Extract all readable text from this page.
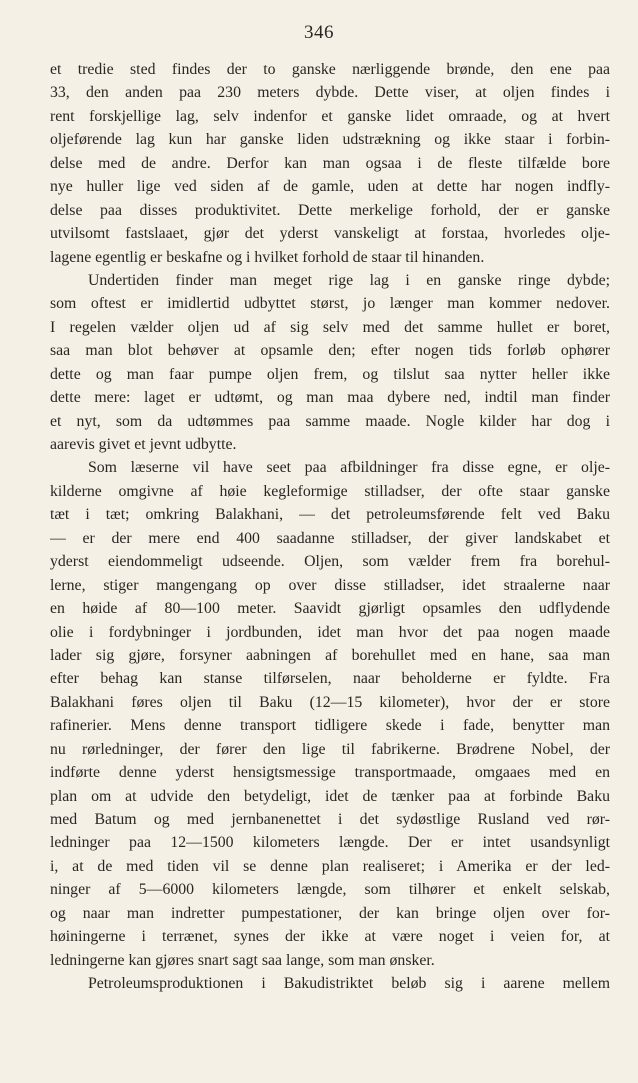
346
et tredie sted findes der to ganske nærliggende brønde, den ene paa
33, den anden paa 230 meters dybde. Dette viser, at oljen findes i
rent forskjellige lag, selv indenfor et ganske lidet omraade, og at hvert
oljeførende lag kun har ganske liden udstrækning og ikke staar i forbin-
delse med de andre. Derfor kan man ogsaa i de fleste tilfælde bore
nye huller lige ved siden af de gamle, uden at dette har nogen indfly-
delse paa disses produktivitet. Dette merkelige forhold, der er ganske
utvilsomt fastslaaet, gjør det yderst vanskeligt at forstaa, hvorledes olje-
lagene egentlig er beskafne og i hvilket forhold de staar til hinanden.
Undertiden finder man meget rige lag i en ganske ringe dybde;
som oftest er imidlertid udbyttet størst, jo længer man kommer nedover.
I regelen vælder oljen ud af sig selv med det samme hullet er boret,
saa man blot behøver at opsamle den; efter nogen tids forløb ophører
dette og man faar pumpe oljen frem, og tilslut saa nytter heller ikke
dette mere: laget er udtømt, og man maa dybere ned, indtil man finder
et nyt, som da udtømmes paa samme maade. Nogle kilder har dog i
aarevis givet et jevnt udbytte.
Som læserne vil have seet paa afbildninger fra disse egne, er olje-
kilderne omgivne af høie kegleformige stilladser, der ofte staar ganske
tæt i tæt; omkring Balakhani, — det petroleumsførende felt ved Baku
— er der mere end 400 saadanne stilladser, der giver landskabet et
yderst eiendommeligt udseende. Oljen, som vælder frem fra borehul-
lerne, stiger mangengang op over disse stilladser, idet straalerne naar
en høide af 80—100 meter. Saavidt gjørligt opsamles den udflydende
olie i fordybninger i jordbunden, idet man hvor det paa nogen maade
lader sig gjøre, forsyner aabningen af borehullet med en hane, saa man
efter behag kan stanse tilførselen, naar beholderne er fyldte. Fra
Balakhani føres oljen til Baku (12—15 kilometer), hvor der er store
rafinerier. Mens denne transport tidligere skede i fade, benytter man
nu rørledninger, der fører den lige til fabrikerne. Brødrene Nobel, der
indførte denne yderst hensigtsmessige transportmaade, omgaaes med en
plan om at udvide den betydeligt, idet de tænker paa at forbinde Baku
med Batum og med jernbanenettet i det sydøstlige Rusland ved rør-
ledninger paa 12—1500 kilometers længde. Der er intet usandsynligt
i, at de med tiden vil se denne plan realiseret; i Amerika er der led-
ninger af 5—6000 kilometers længde, som tilhører et enkelt selskab,
og naar man indretter pumpestationer, der kan bringe oljen over for-
høiningerne i terrænet, synes der ikke at være noget i veien for, at
ledningerne kan gjøres snart sagt saa lange, som man ønsker.
Petroleumsproduktionen i Bakudistriktet beløb sig i aarene mellem
